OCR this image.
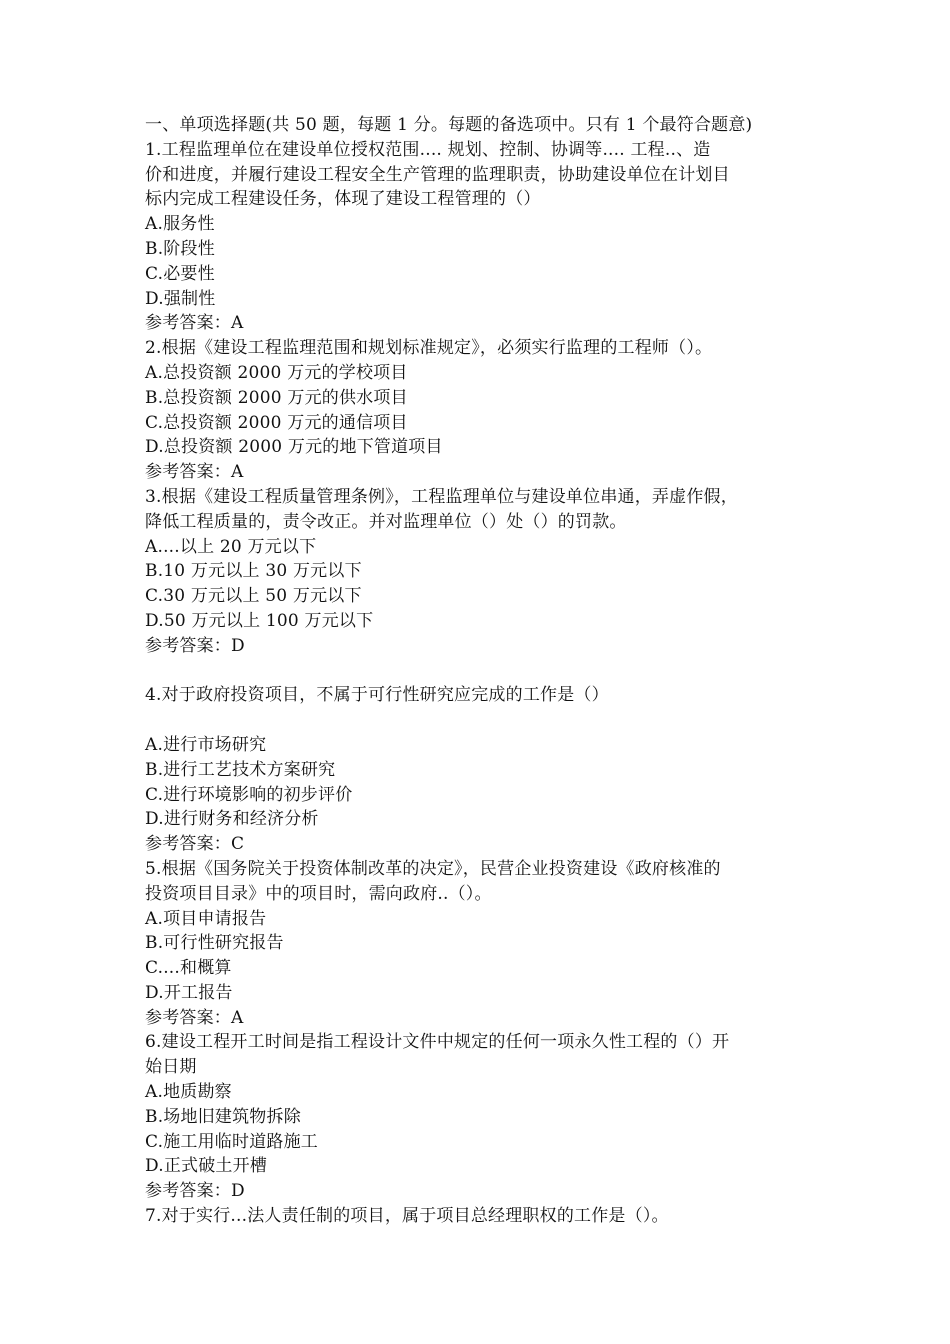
一、单项选择题(共 50 题，每题 1 分。每题的备选项中。只有 1 个最符合题意)
1.工程监理单位在建设单位授权范围.... 规划、控制、协调等.... 工程..、造
价和进度，并履行建设工程安全生产管理的监理职责，协助建设单位在计划目
标内完成工程建设任务，体现了建设工程管理的（）
A.服务性
B.阶段性
C.必要性
D.强制性
参考答案：A
2.根据《建设工程监理范围和规划标准规定》，必须实行监理的工程师（）。
A.总投资额 2000 万元的学校项目
B.总投资额 2000 万元的供水项目
C.总投资额 2000 万元的通信项目
D.总投资额 2000 万元的地下管道项目
参考答案：A
3.根据《建设工程质量管理条例》，工程监理单位与建设单位串通，弄虚作假，
降低工程质量的，责令改正。并对监理单位（）处（）的罚款。
A....以上 20 万元以下
B.10 万元以上 30 万元以下
C.30 万元以上 50 万元以下
D.50 万元以上 100 万元以下
参考答案：D
4.对于政府投资项目，不属于可行性研究应完成的工作是（）
A.进行市场研究
B.进行工艺技术方案研究
C.进行环境影响的初步评价
D.进行财务和经济分析
参考答案：C
5.根据《国务院关于投资体制改革的决定》，民营企业投资建设《政府核准的
投资项目目录》中的项目时，需向政府..（）。
A.项目申请报告
B.可行性研究报告
C....和概算
D.开工报告
参考答案：A
6.建设工程开工时间是指工程设计文件中规定的任何一项永久性工程的（）开
始日期
A.地质勘察
B.场地旧建筑物拆除
C.施工用临时道路施工
D.正式破土开槽
参考答案：D
7.对于实行...法人责任制的项目，属于项目总经理职权的工作是（）。
